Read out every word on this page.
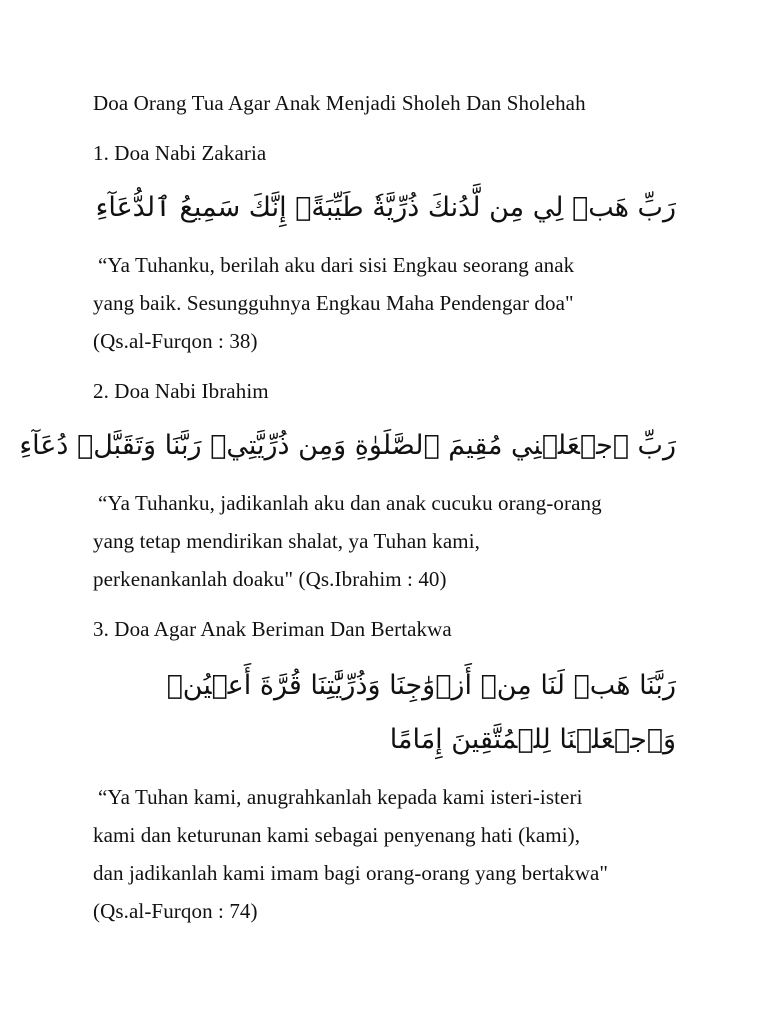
Doa Orang Tua Agar Anak Menjadi Sholeh Dan Sholehah
1. Doa Nabi Zakaria
رَبِّ هَبۡ لِي مِن لَّدُنكَ ذُرِّيَّةٗ طَيِّبَةًۖ إِنَّكَ سَمِيعُ ٱلدُّعَآءِ
“Ya Tuhanku, berilah aku dari sisi Engkau seorang anak
yang baik. Sesungguhnya Engkau Maha Pendengar doa"
(Qs.al-Furqon : 38)
2. Doa Nabi Ibrahim
رَبِّ ٱجۡعَلۡنِي مُقِيمَ ٱلصَّلَوٰةِ وَمِن ذُرِّيَّتِيۚ رَبَّنَا وَتَقَبَّلۡ دُعَآءِ
“Ya Tuhanku, jadikanlah aku dan anak cucuku orang-orang
yang tetap mendirikan shalat, ya Tuhan kami,
perkenankanlah doaku" (Qs.Ibrahim : 40)
3. Doa Agar Anak Beriman Dan Bertakwa
رَبَّنَا هَبۡ لَنَا مِنۡ أَزۡوَٰجِنَا وَذُرِّيَّٰتِنَا قُرَّةَ أَعۡيُنٖ
وَٱجۡعَلۡنَا لِلۡمُتَّقِينَ إِمَامًا
“Ya Tuhan kami, anugrahkanlah kepada kami isteri-isteri
kami dan keturunan kami sebagai penyenang hati (kami),
dan jadikanlah kami imam bagi orang-orang yang bertakwa"
(Qs.al-Furqon : 74)
